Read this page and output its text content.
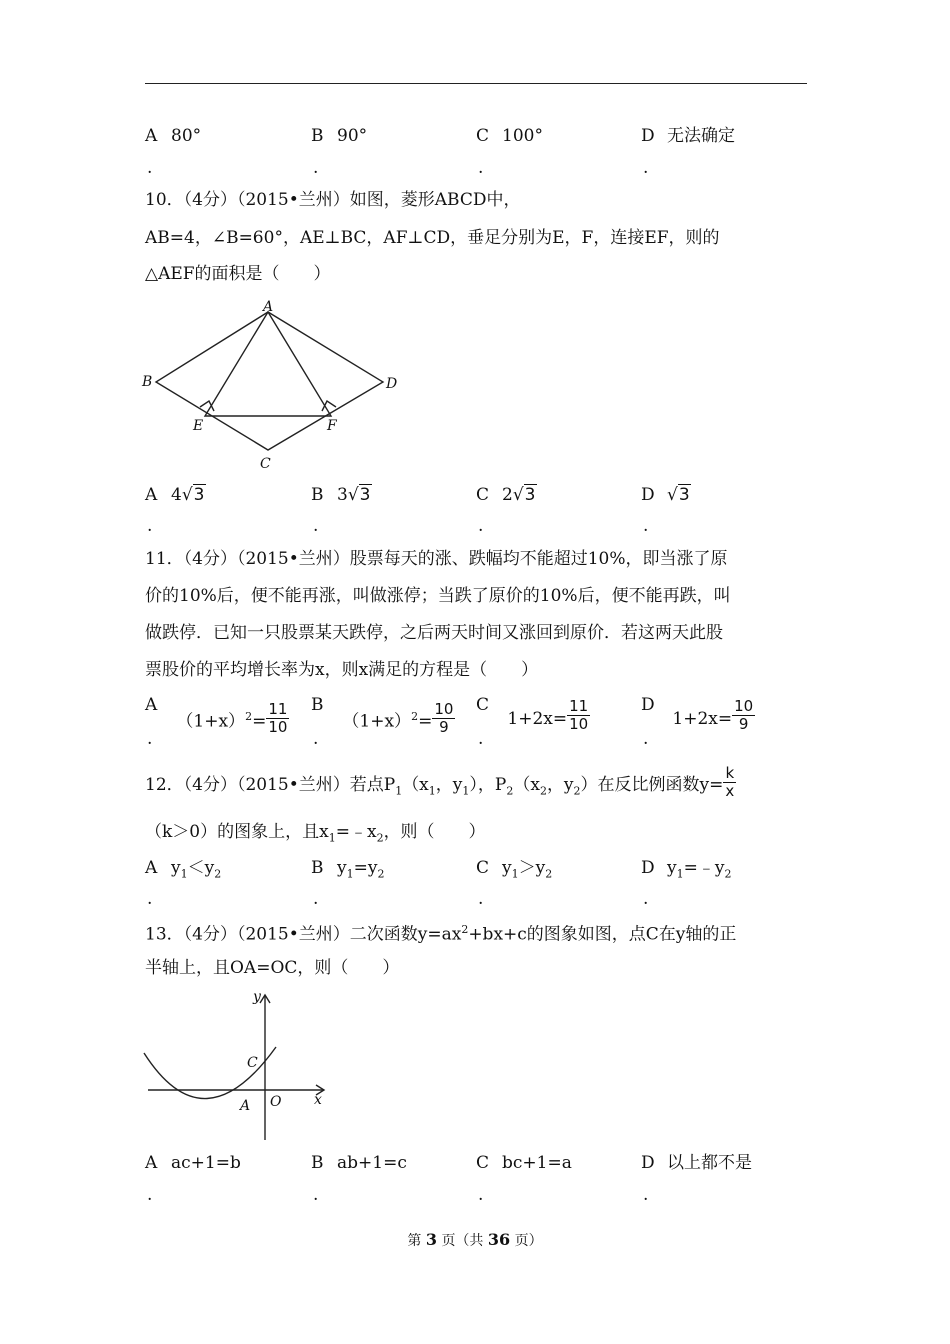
A 80°	B 90°	C 100°	D 无法确定
.	.	.	.
10．（4分）（2015•兰州）如图，菱形ABCD中，
AB=4，∠B=60°，AE⊥BC，AF⊥CD，垂足分别为E，F，连接EF，则的
△AEF的面积是（　　）
A
B	D
E	F
C
A 4√3	B 3√3	C 2√3	D √3
.	.	.	.
11．（4分）（2015•兰州）股票每天的涨、跌幅均不能超过10%，即当涨了原
价的10%后，便不能再涨，叫做涨停；当跌了原价的10%后，便不能再跌，叫
做跌停．已知一只股票某天跌停，之后两天时间又涨回到原价．若这两天此股
票股价的平均增长率为x，则x满足的方程是（　　）
A $(1+x)^2= \frac{11}{10}$ B $(1+x)^2= \frac{10}{9}$ C $1+2x= \frac{11}{10}$	D $1+2x= \frac{10}{9}$
.	.	.	.
12．（4分）（2015•兰州）若点$P_1(x_1$，$y_1$），$P_2(x_2$，$y_2$）在反比例函数$y= \frac{k}{x}$
（k＞0）的图象上，且$x_1=﹣x_2$，则（　　）
A $y_1<y_2$	B $y_1=y_2$	C $y_1>y_2$	D $y_1=﹣y_2$
.	.	.	.
13．（4分）（2015•兰州）二次函数$y=ax^2+bx+c$的图象如图，点C在y轴的正
半轴上，且OA=OC，则（　　）
y
x
C
A O
A ac+1=b	B ab+1=c	C bc+1=a	D 以上都不是
.	.	.	.
第 3 页（共 36 页）
